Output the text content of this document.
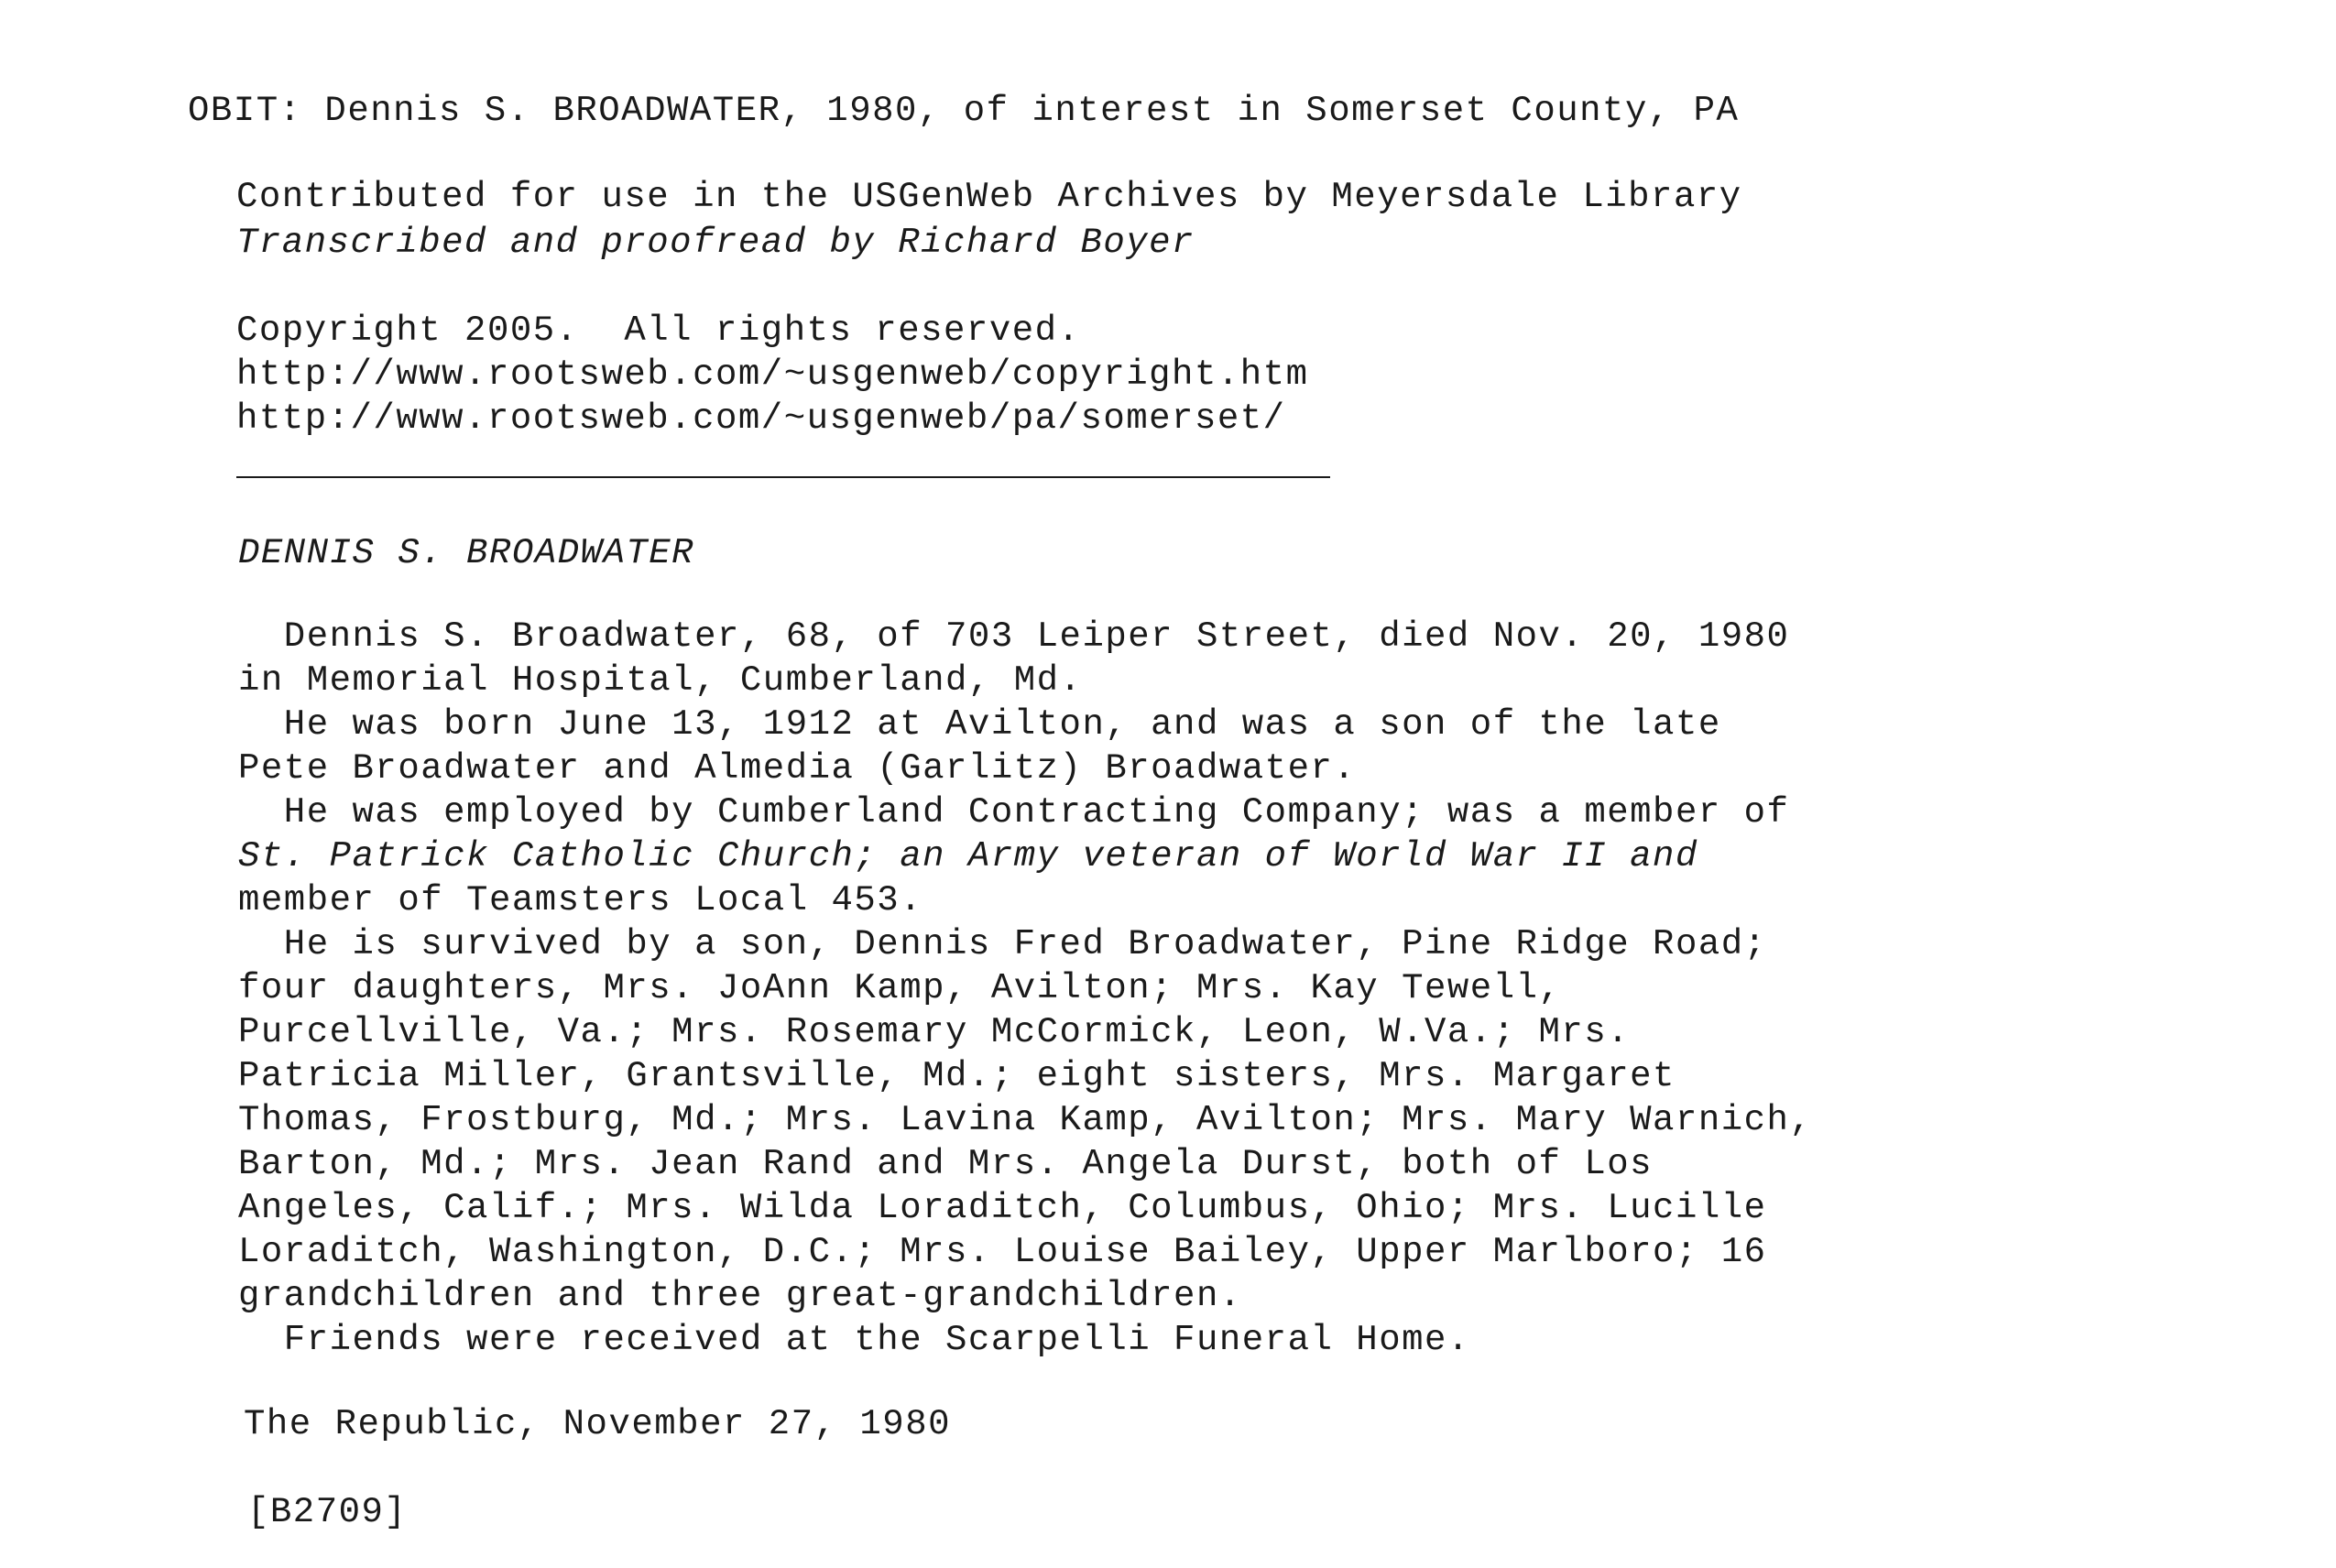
OBIT: Dennis S. BROADWATER, 1980, of interest in Somerset County, PA
Contributed for use in the USGenWeb Archives by Meyersdale Library
Transcribed and proofread by Richard Boyer
Copyright 2005.  All rights reserved.
http://www.rootsweb.com/~usgenweb/copyright.htm
http://www.rootsweb.com/~usgenweb/pa/somerset/
DENNIS S. BROADWATER
Dennis S. Broadwater, 68, of 703 Leiper Street, died Nov. 20, 1980
in Memorial Hospital, Cumberland, Md.
He was born June 13, 1912 at Avilton, and was a son of the late
Pete Broadwater and Almedia (Garlitz) Broadwater.
He was employed by Cumberland Contracting Company; was a member of
St. Patrick Catholic Church; an Army veteran of World War II and
member of Teamsters Local 453.
He is survived by a son, Dennis Fred Broadwater, Pine Ridge Road;
four daughters, Mrs. JoAnn Kamp, Avilton; Mrs. Kay Tewell,
Purcellville, Va.; Mrs. Rosemary McCormick, Leon, W.Va.; Mrs.
Patricia Miller, Grantsville, Md.; eight sisters, Mrs. Margaret
Thomas, Frostburg, Md.; Mrs. Lavina Kamp, Avilton; Mrs. Mary Warnich,
Barton, Md.; Mrs. Jean Rand and Mrs. Angela Durst, both of Los
Angeles, Calif.; Mrs. Wilda Loraditch, Columbus, Ohio; Mrs. Lucille
Loraditch, Washington, D.C.; Mrs. Louise Bailey, Upper Marlboro; 16
grandchildren and three great-grandchildren.
Friends were received at the Scarpelli Funeral Home.
The Republic, November 27, 1980
[B2709]
